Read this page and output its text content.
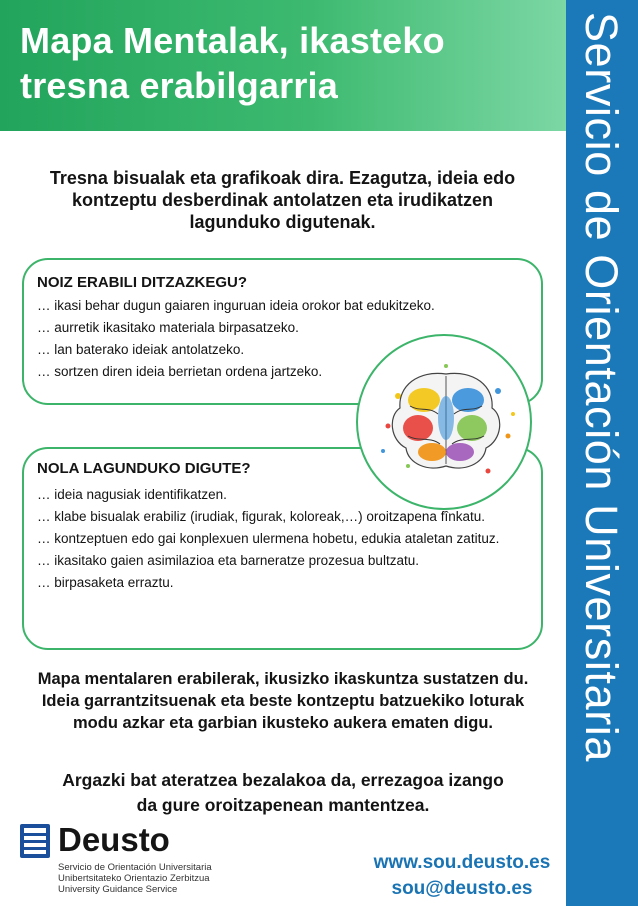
Mapa Mentalak, ikasteko
tresna erabilgarria	Servicio de Orientación Universitaria
Tresna bisualak eta grafikoak dira. Ezagutza, ideia edo
kontzeptu desberdinak antolatzen eta irudikatzen
lagunduko digutenak.
NOIZ ERABILI DITZAZKEGU?
… ikasi behar dugun gaiaren inguruan ideia orokor bat edukitzeko.
… aurretik ikasitako materiala birpasatzeko.
… lan baterako ideiak antolatzeko.
… sortzen diren ideia berrietan ordena jartzeko.
NOLA LAGUNDUKO DIGUTE?
… ideia nagusiak identifikatzen.
… klabe bisualak erabiliz (irudiak, figurak, koloreak,…) oroitzapena fînkatu.
… kontzeptuen edo gai konplexuen ulermena hobetu, edukia ataletan zatituz.
… ikasitako gaien asimilazioa eta barneratze prozesua bultzatu.
… birpasaketa erraztu.
Mapa mentalaren erabilerak, ikusizko ikaskuntza sustatzen du.
Ideia garrantzitsuenak eta beste kontzeptu batzuekiko loturak
modu azkar eta garbian ikusteko aukera ematen digu.
Argazki bat ateratzea bezalakoa da, errezagoa izango
da gure oroitzapenean mantentzea.
Deusto
Servicio de Orientación Universitaria
Unibertsitateko Orientazio Zerbitzua
University Guidance Service
www.sou.deusto.es
sou@deusto.es
